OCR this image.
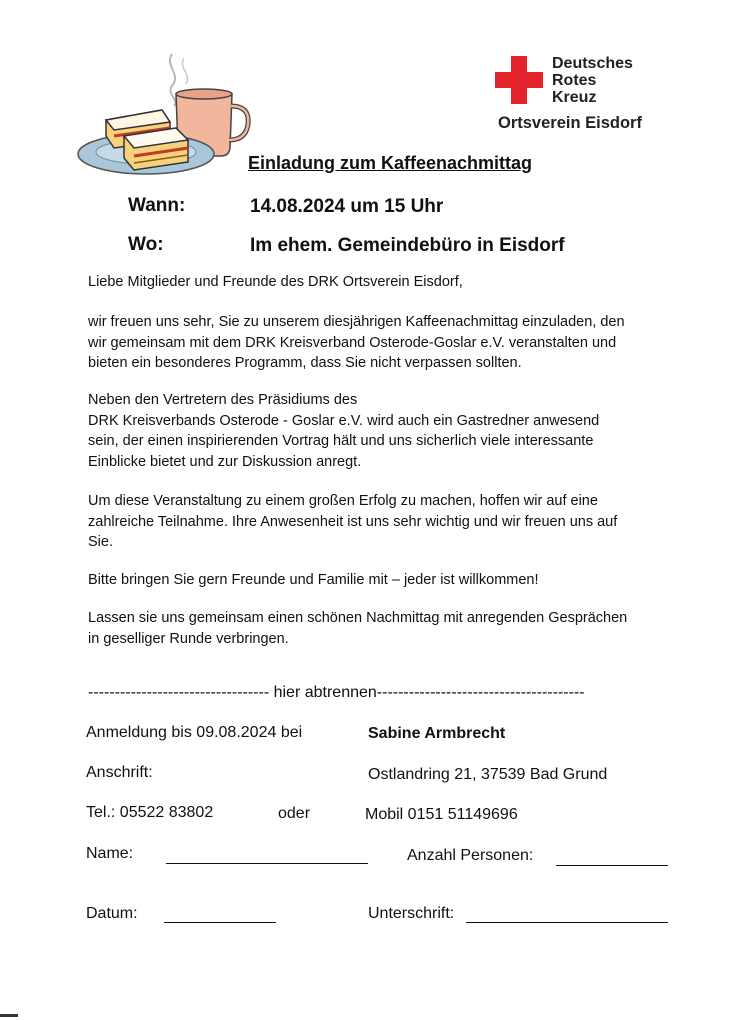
Deutsches
Rotes
Kreuz
Ortsverein Eisdorf
Einladung zum Kaffeenachmittag
Wann:	14.08.2024 um 15 Uhr
Wo:	Im ehem. Gemeindebüro in Eisdorf
Liebe Mitglieder und Freunde des DRK Ortsverein Eisdorf,
wir freuen uns sehr, Sie zu unserem diesjährigen Kaffeenachmittag einzuladen, den
wir gemeinsam mit dem DRK Kreisverband Osterode-Goslar e.V. veranstalten und
bieten ein besonderes Programm, dass Sie nicht verpassen sollten.
Neben den Vertretern des Präsidiums des
DRK Kreisverbands Osterode - Goslar e.V. wird auch ein Gastredner anwesend
sein, der einen inspirierenden Vortrag hält und uns sicherlich viele interessante
Einblicke bietet und zur Diskussion anregt.
Um diese Veranstaltung zu einem großen Erfolg zu machen, hoffen wir auf eine
zahlreiche Teilnahme. Ihre Anwesenheit ist uns sehr wichtig und wir freuen uns auf
Sie.
Bitte bringen Sie gern Freunde und Familie mit – jeder ist willkommen!
Lassen sie uns gemeinsam einen schönen Nachmittag mit anregenden Gesprächen
in geselliger Runde verbringen.
---------------------------------- hier abtrennen---------------------------------------
Anmeldung bis 09.08.2024 bei	Sabine Armbrecht
Anschrift:	Ostlandring 21, 37539 Bad Grund
Tel.: 05522 83802	oder	Mobil 0151 51149696
Name:	Anzahl Personen:
Datum:	Unterschrift:
